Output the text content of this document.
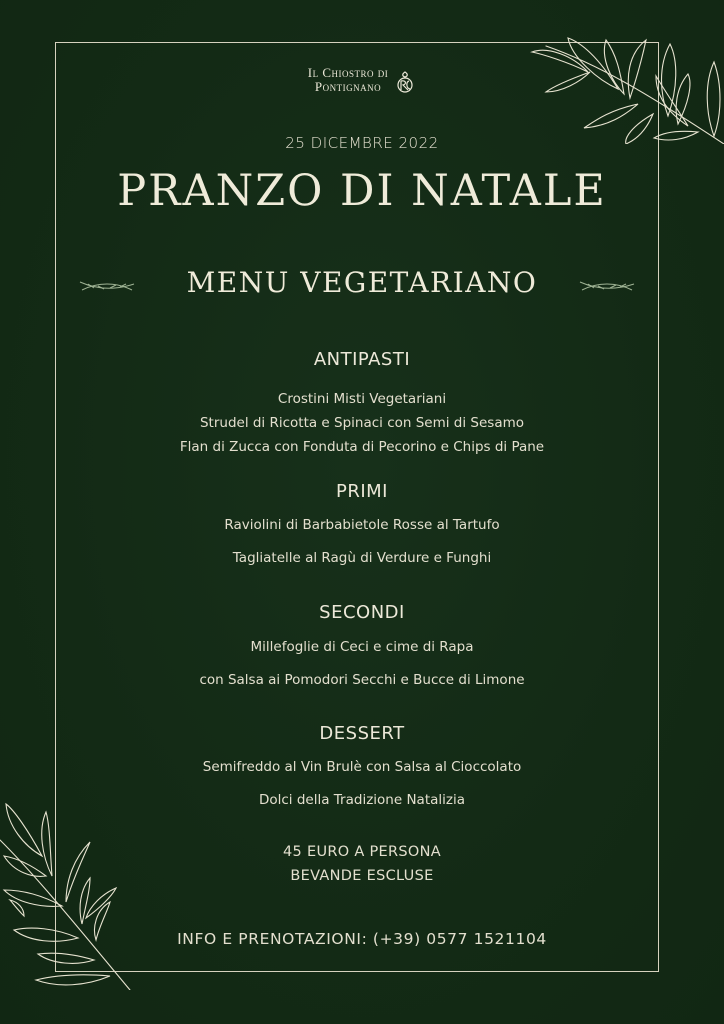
Il Chiostro di
Pontignano
25 DICEMBRE 2022
PRANZO DI NATALE
MENU VEGETARIANO
ANTIPASTI
Crostini Misti Vegetariani
Strudel di Ricotta e Spinaci con Semi di Sesamo
Flan di Zucca con Fonduta di Pecorino e Chips di Pane
PRIMI
Raviolini di Barbabietole Rosse al Tartufo
Tagliatelle al Ragù di Verdure e Funghi
SECONDI
Millefoglie di Ceci e cime di Rapa
con Salsa ai Pomodori Secchi e Bucce di Limone
DESSERT
Semifreddo al Vin Brulè con Salsa al Cioccolato
Dolci della Tradizione Natalizia
45 EURO A PERSONA
BEVANDE ESCLUSE
INFO E PRENOTAZIONI: (+39) 0577 1521104
